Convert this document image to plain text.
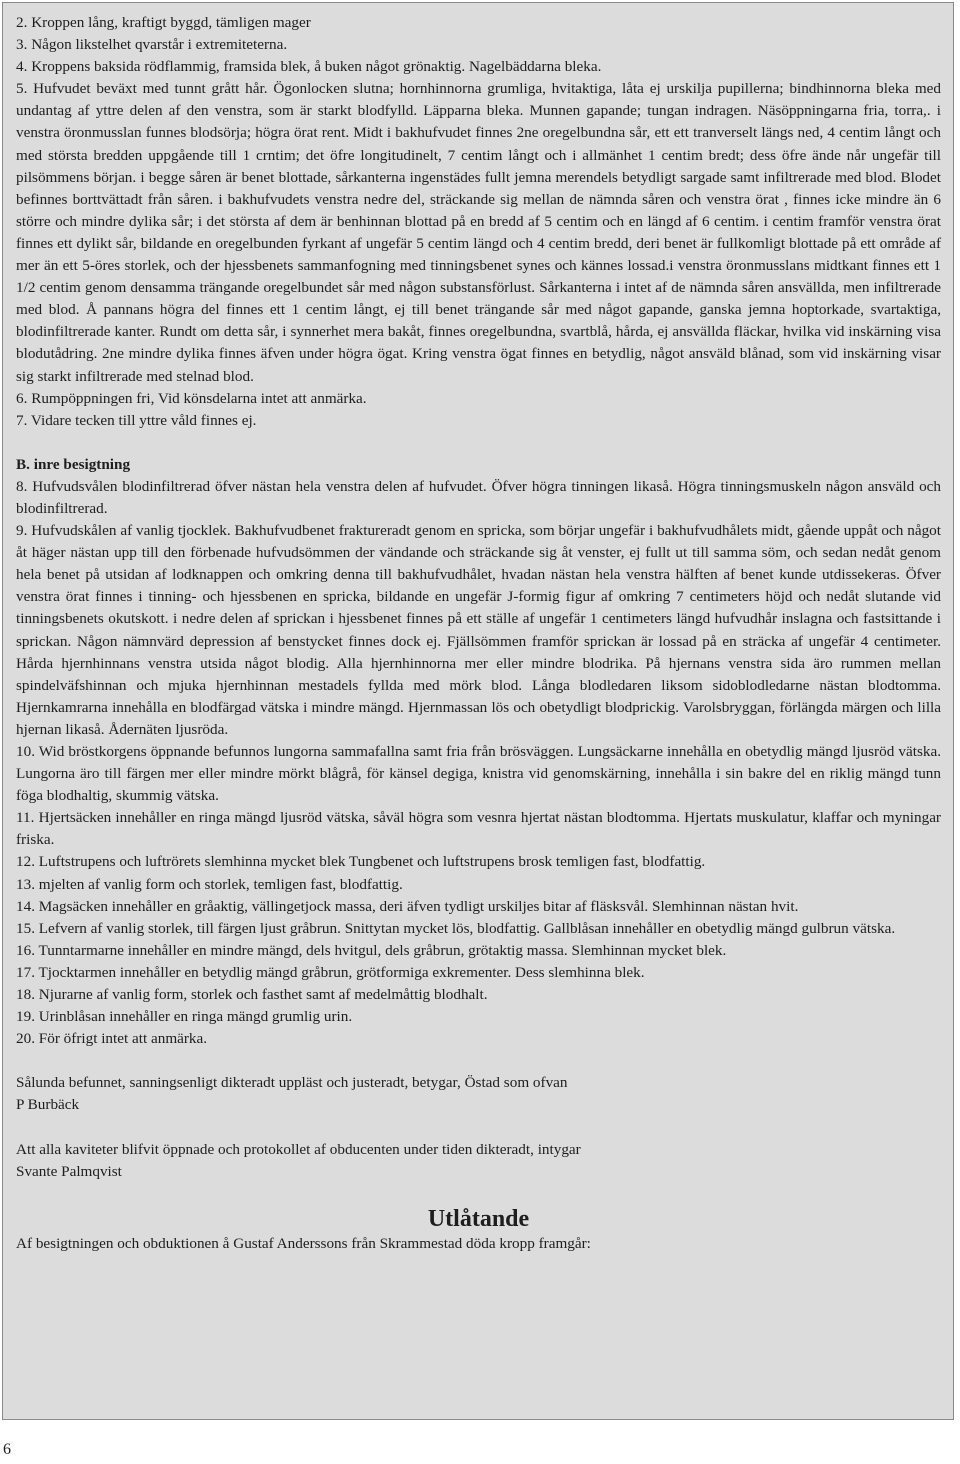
2. Kroppen lång, kraftigt byggd, tämligen mager

3. Någon likstelhet qvarstår i extremiteterna.

4. Kroppens baksida rödflammig, framsida blek, å buken något grönaktig. Nagelbäddarna bleka.

5. Hufvudet beväxt med tunnt grått hår. Ögonlocken slutna; hornhinnorna grumliga, hvitaktiga, låta ej urskilja pupillerna; bindhinnorna bleka med undantag af yttre delen af den venstra, som är starkt blodfylld. Läpparna bleka. Munnen gapande; tungan indragen. Näsöppningarna fria, torra,. i venstra öronmusslan funnes blodsörja; högra örat rent. Midt i bakhufvudet finnes 2ne oregelbundna sår, ett ett tranverselt längs ned, 4 centim långt och med största bredden uppgående till 1 crntim; det öfre longitudinelt, 7 centim långt och i allmänhet 1 centim bredt; dess öfre ände når ungefär till pilsömmens början. i begge såren är benet blottade, sårkanterna ingenstädes fullt jemna merendels betydligt sargade samt infiltrerade med blod. Blodet befinnes borttvättadt från såren. i bakhufvudets venstra nedre del, sträckande sig mellan de nämnda såren och venstra örat , finnes icke mindre än 6 större och mindre dylika sår; i det största af dem är benhinnan blottad på en bredd af 5 centim och en längd af 6 centim. i centim framför venstra örat finnes ett dylikt sår, bildande en oregelbunden fyrkant af ungefär 5 centim längd och 4 centim bredd, deri benet är fullkomligt blottade på ett område af mer än ett 5-öres storlek, och der hjessbenets sammanfogning med tinningsbenet synes och kännes lossad.i venstra öronmusslans midtkant finnes ett 1 1/2 centim genom densamma trängande oregelbundet sår med någon substansförlust. Sårkanterna i intet af de nämnda såren ansvällda, men infiltrerade med blod. Å pannans högra del finnes ett 1 centim långt, ej till benet trängande sår med något gapande, ganska jemna hoptorkade, svartaktiga, blodinfiltrerade kanter. Rundt om detta sår, i synnerhet mera bakåt, finnes oregelbundna, svartblå, hårda, ej ansvällda fläckar, hvilka vid inskärning visa blodutådring. 2ne mindre dylika finnes äfven under högra ögat. Kring venstra ögat finnes en betydlig, något ansväld blånad, som vid inskärning visar sig starkt infiltrerade med stelnad blod.

6. Rumpöppningen fri, Vid könsdelarna intet att anmärka.

7. Vidare tecken till yttre våld finnes ej.

B. inre besigtning

8. Hufvudsvålen blodinfiltrerad öfver nästan hela venstra delen af hufvudet. Öfver högra tinningen likaså. Högra tinningsmuskeln någon ansväld och blodinfiltrerad.

9. Hufvudskålen af vanlig tjocklek. Bakhufvudbenet fraktureradt genom en spricka, som börjar ungefär i bakhufvudhålets midt, gående uppåt och något åt häger nästan upp till den förbenade hufvudsömmen der vändande och sträckande sig åt venster, ej fullt ut till samma söm, och sedan nedåt genom hela benet på utsidan af lodknappen och omkring denna till bakhufvudhålet, hvadan nästan hela venstra hälften af benet kunde utdissekeras. Öfver venstra örat finnes i tinning- och hjessbenen en spricka, bildande en ungefär J-formig figur af omkring 7 centimeters höjd och nedåt slutande vid tinningsbenets okutskott. i nedre delen af sprickan i hjessbenet finnes på ett ställe af ungefär 1 centimeters längd hufvudhår inslagna och fastsittande i sprickan. Någon nämnvärd depression af benstycket finnes dock ej. Fjällsömmen framför sprickan är lossad på en sträcka af ungefär 4 centimeter. Hårda hjernhinnans venstra utsida något blodig. Alla hjernhinnorna mer eller mindre blodrika. På hjernans venstra sida äro rummen mellan spindelväfshinnan och mjuka hjernhinnan mestadels fyllda med mörk blod. Långa blodledaren liksom sidoblodledarne nästan blodtomma. Hjernkamrarna innehålla en blodfärgad vätska i mindre mängd. Hjernmassan lös och obetydligt blodprickig. Varolsbryggan, förlängda märgen och lilla hjernan likaså. Ådernäten ljusröda.

10. Wid bröstkorgens öppnande befunnos lungorna sammafallna samt fria från brösväggen. Lungsäckarne innehålla en obetydlig mängd ljusröd vätska. Lungorna äro till färgen mer eller mindre mörkt blågrå, för känsel degiga, knistra vid genomskärning, innehålla i sin bakre del en riklig mängd tunn föga blodhaltig, skummig vätska.

11. Hjertsäcken innehåller en ringa mängd ljusröd vätska, såväl högra som vesnra hjertat nästan blodtomma. Hjertats muskulatur, klaffar och myningar friska.

12. Luftstrupens och luftrörets slemhinna mycket blek Tungbenet och luftstrupens brosk temligen fast, blodfattig.

13. mjelten af vanlig form och storlek, temligen fast, blodfattig.

14. Magsäcken innehåller en gråaktig, vällingetjock massa, deri äfven tydligt urskiljes bitar af fläsksvål. Slemhinnan nästan hvit.

15. Lefvern af vanlig storlek, till färgen ljust gråbrun. Snittytan mycket lös, blodfattig. Gallblåsan innehåller en obetydlig mängd gulbrun vätska.

16. Tunntarmarne innehåller en mindre mängd, dels hvitgul, dels gråbrun, grötaktig massa. Slemhinnan mycket blek.

17. Tjocktarmen innehåller en betydlig mängd gråbrun, grötformiga exkrementer. Dess slemhinna blek.

18. Njurarne af vanlig form, storlek och fasthet samt af medelmåttig blodhalt.

19. Urinblåsan innehåller en ringa mängd grumlig urin.

20. För öfrigt intet att anmärka.

Sålunda befunnet, sanningsenligt dikteradt uppläst och justeradt, betygar, Östad som ofvan

P Burbäck

Att alla kaviteter blifvit öppnade och protokollet af obducenten under tiden dikteradt, intygar

Svante Palmqvist

Utlåtande

Af besigtningen och obduktionen å Gustaf Anderssons från Skrammestad döda kropp framgår:

6
